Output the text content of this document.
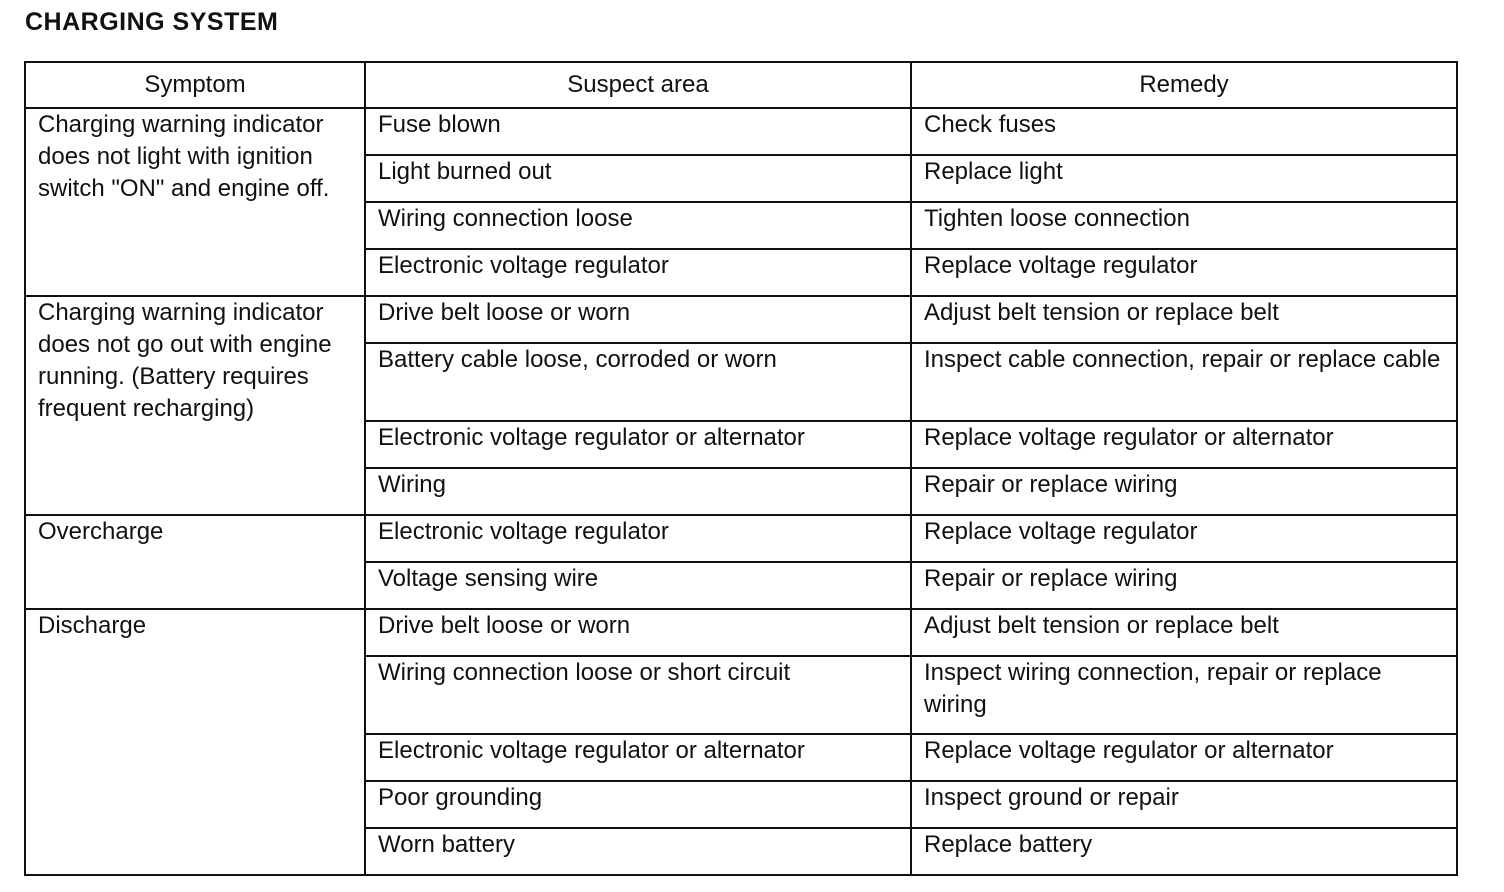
CHARGING SYSTEM
Symptom	Suspect area	Remedy
Charging warning indicator does not light with ignition switch "ON" and engine off.	Fuse blown	Check fuses
	Light burned out	Replace light
	Wiring connection loose	Tighten loose connection
	Electronic voltage regulator	Replace voltage regulator
Charging warning indicator does not go out with engine running. (Battery requires frequent recharging)	Drive belt loose or worn	Adjust belt tension or replace belt
	Battery cable loose, corroded or worn	Inspect cable connection, repair or replace cable
	Electronic voltage regulator or alternator	Replace voltage regulator or alternator
	Wiring	Repair or replace wiring
Overcharge	Electronic voltage regulator	Replace voltage regulator
	Voltage sensing wire	Repair or replace wiring
Discharge	Drive belt loose or worn	Adjust belt tension or replace belt
	Wiring connection loose or short circuit	Inspect wiring connection, repair or replace wiring
	Electronic voltage regulator or alternator	Replace voltage regulator or alternator
	Poor grounding	Inspect ground or repair
	Worn battery	Replace battery
